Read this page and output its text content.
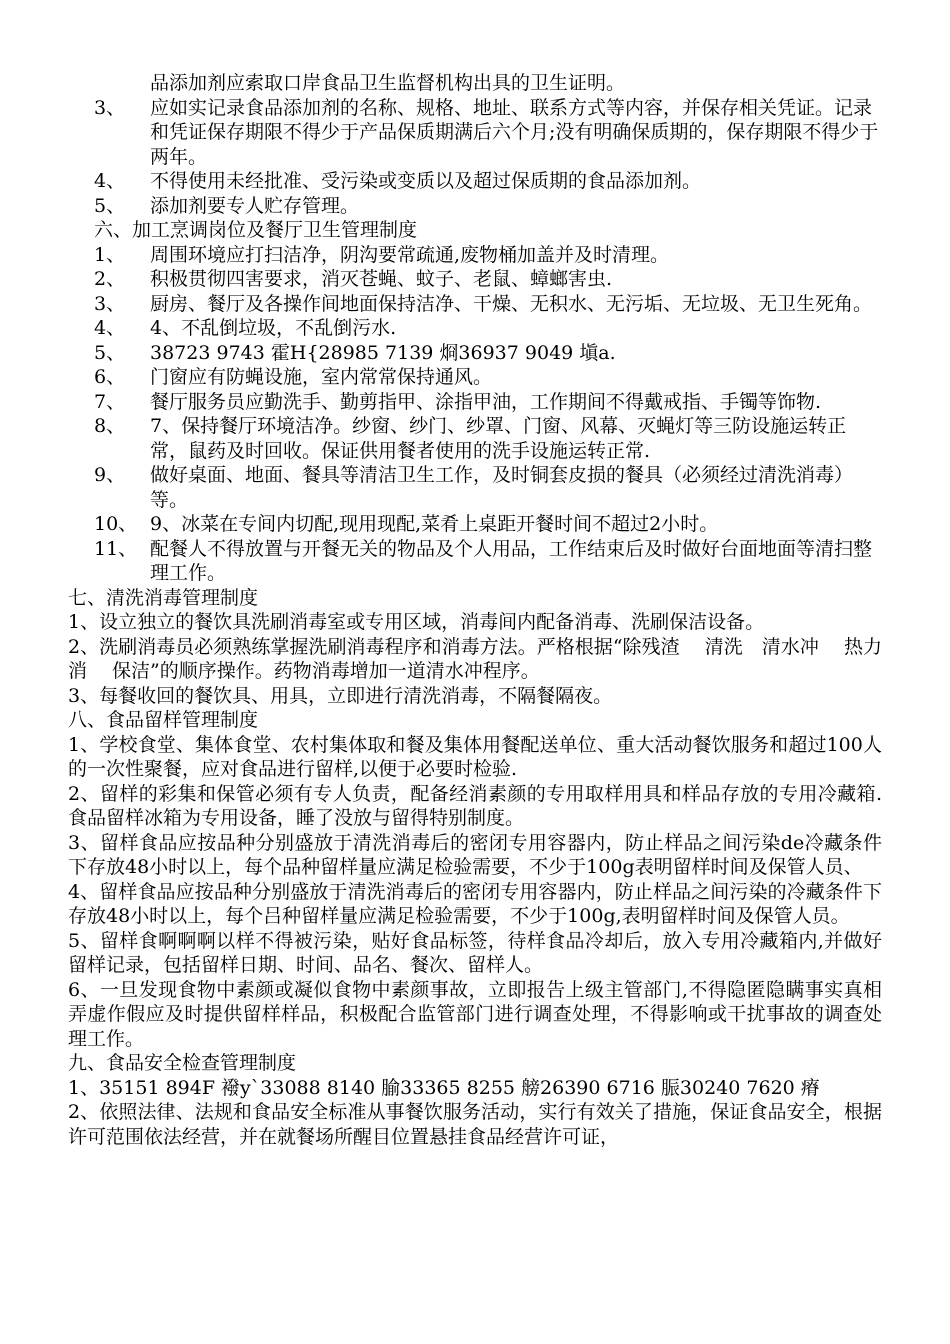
品添加剂应索取口岸食品卫生监督机构出具的卫生证明。
3、	应如实记录食品添加剂的名称、规格、地址、联系方式等内容，并保存相关凭证。记录和凭证保存期限不得少于产品保质期满后六个月;没有明确保质期的，保存期限不得少于两年。
4、	不得使用未经批准、受污染或变质以及超过保质期的食品添加剂。
5、	添加剂要专人贮存管理。
六、加工烹调岗位及餐厅卫生管理制度
1、	周围环境应打扫洁净，阴沟要常疏通,废物桶加盖并及时清理。
2、	积极贯彻四害要求，消灭苍蝇、蚊子、老鼠、蟑螂害虫.
3、	厨房、餐厅及各操作间地面保持洁净、干燥、无积水、无污垢、无垃圾、无卫生死角。
4、	4、不乱倒垃圾，不乱倒污水.
5、	38723 9743 霍H{28985 7139 烱36937 9049 塡a.
6、	门窗应有防蝇设施，室内常常保持通风。
7、	餐厅服务员应勤洗手、勤剪指甲、涂指甲油，工作期间不得戴戒指、手镯等饰物.
8、	7、保持餐厅环境洁净。纱窗、纱门、纱罩、门窗、风幕、灭蝇灯等三防设施运转正常，鼠药及时回收。保证供用餐者使用的洗手设施运转正常.
9、	做好桌面、地面、餐具等清洁卫生工作，及时铜套皮损的餐具（必须经过清洗消毒）等。
10、 9、冰菜在专间内切配,现用现配,菜肴上桌距开餐时间不超过2小时。
11、 配餐人不得放置与开餐无关的物品及个人用品，工作结束后及时做好台面地面等清扫整理工作。
七、清洗消毒管理制度
1、设立独立的餐饮具洗刷消毒室或专用区域，消毒间内配备消毒、洗刷保洁设备。
2、洗刷消毒员必须熟练掌握洗刷消毒程序和消毒方法。严格根据“除残渣　 清洗　清水冲　 热力消　 保洁”的顺序操作。药物消毒增加一道清水冲程序。
3、每餐收回的餐饮具、用具，立即进行清洗消毒，不隔餐隔夜。
八、食品留样管理制度
1、学校食堂、集体食堂、农村集体取和餐及集体用餐配送单位、重大活动餐饮服务和超过100人的一次性聚餐，应对食品进行留样,以便于必要时检验.
2、留样的彩集和保管必须有专人负责，配备经消素颜的专用取样用具和样品存放的专用冷藏箱.食品留样冰箱为专用设备，睡了没放与留得特别制度。
3、留样食品应按品种分别盛放于清洗消毒后的密闭专用容器内，防止样品之间污染de冷藏条件下存放48小时以上，每个品种留样量应满足检验需要，不少于100g表明留样时间及保管人员、
4、留样食品应按品种分别盛放于清洗消毒后的密闭专用容器内，防止样品之间污染的冷藏条件下存放48小时以上，每个吕种留样量应满足检验需要，不少于100g,表明留样时间及保管人员。
5、留样食啊啊啊以样不得被污染，贴好食品标签，待样食品冷却后，放入专用冷藏箱内,并做好留样记录，包括留样日期、时间、品名、餐次、留样人。
6、一旦发现食物中素颜或凝似食物中素颜事故，立即报告上级主管部门,不得隐匿隐瞒事实真相弄虚作假应及时提供留样样品，积极配合监管部门进行调查处理，不得影响或干扰事故的调查处理工作。
九、食品安全检查管理制度
1、35151 894F 襏y`33088 8140 腧33365 8255 艕26390 6716 脤30240 7620 瘠
2、依照法律、法规和食品安全标准从事餐饮服务活动，实行有效关了措施，保证食品安全，根据许可范围依法经营，并在就餐场所醒目位置悬挂食品经营许可证，
